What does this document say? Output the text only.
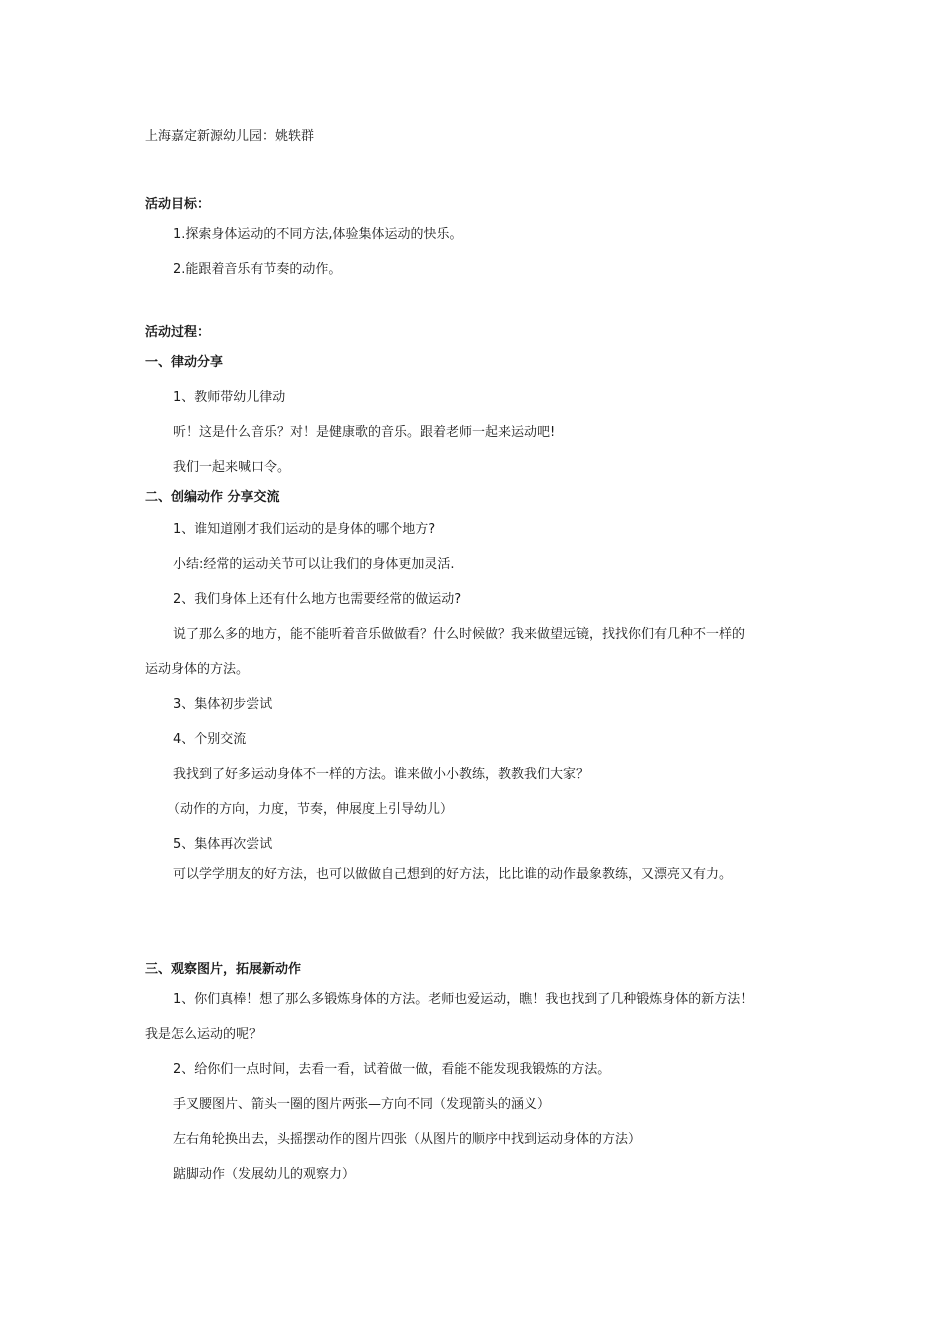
上海嘉定新源幼儿园：姚轶群
活动目标：
1.探索身体运动的不同方法,体验集体运动的快乐。
2.能跟着音乐有节奏的动作。
活动过程：
一、律动分享
1、教师带幼儿律动
听！这是什么音乐？对！是健康歌的音乐。跟着老师一起来运动吧!
我们一起来喊口令。
二、创编动作 分享交流
1、谁知道刚才我们运动的是身体的哪个地方?
小结:经常的运动关节可以让我们的身体更加灵活.
2、我们身体上还有什么地方也需要经常的做运动?
说了那么多的地方，能不能听着音乐做做看？什么时候做？我来做望远镜，找找你们有几种不一样的
运动身体的方法。
3、集体初步尝试
4、个别交流
我找到了好多运动身体不一样的方法。谁来做小小教练，教教我们大家？
（动作的方向，力度，节奏，伸展度上引导幼儿）
5、集体再次尝试
可以学学朋友的好方法，也可以做做自己想到的好方法，比比谁的动作最象教练，又漂亮又有力。
三、观察图片，拓展新动作
1、你们真棒！想了那么多锻炼身体的方法。老师也爱运动，瞧！我也找到了几种锻炼身体的新方法！
我是怎么运动的呢？
2、给你们一点时间，去看一看，试着做一做，看能不能发现我锻炼的方法。
手叉腰图片、箭头一圈的图片两张—方向不同（发现箭头的涵义）
左右角轮换出去，头摇摆动作的图片四张（从图片的顺序中找到运动身体的方法）
踮脚动作（发展幼儿的观察力）
